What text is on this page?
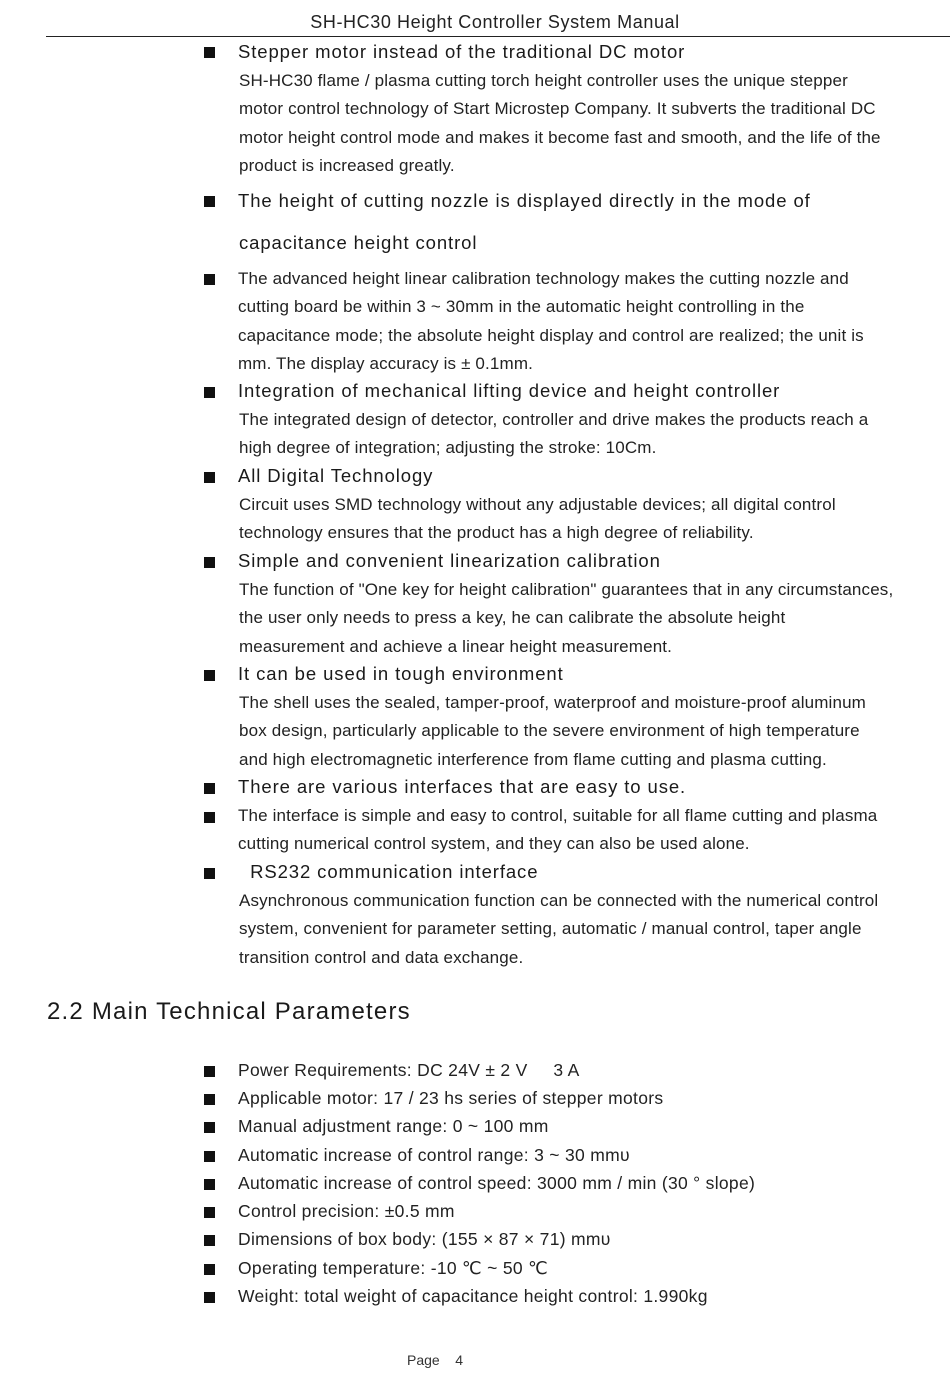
SH-HC30 Height Controller System Manual
Stepper motor instead of the traditional DC motor
SH-HC30 flame / plasma cutting torch height controller uses the unique stepper
motor control technology of Start Microstep Company. It subverts the traditional DC
motor height control mode and makes it become fast and smooth, and the life of the
product is increased greatly.
The height of cutting nozzle is displayed directly in the mode of
capacitance height control
The advanced height linear calibration technology makes the cutting nozzle and
cutting board be within 3 ~ 30mm in the automatic height controlling in the
capacitance mode; the absolute height display and control are realized; the unit is
mm. The display accuracy is ± 0.1mm.
Integration of mechanical lifting device and height controller
The integrated design of detector, controller and drive makes the products reach a
high degree of integration; adjusting the stroke: 10Cm.
All Digital Technology
Circuit uses SMD technology without any adjustable devices; all digital control
technology ensures that the product has a high degree of reliability.
Simple and convenient linearization calibration
The function of "One key for height calibration" guarantees that in any circumstances,
the user only needs to press a key, he can calibrate the absolute height
measurement and achieve a linear height measurement.
It can be used in tough environment
The shell uses the sealed, tamper-proof, waterproof and moisture-proof aluminum
box design, particularly applicable to the severe environment of high temperature
and high electromagnetic interference from flame cutting and plasma cutting.
There are various interfaces that are easy to use.
The interface is simple and easy to control, suitable for all flame cutting and plasma
cutting numerical control system, and they can also be used alone.
RS232 communication interface
Asynchronous communication function can be connected with the numerical control
system, convenient for parameter setting, automatic / manual control, taper angle
transition control and data exchange.
2.2 Main Technical Parameters
Power Requirements: DC 24V ± 2 V     3 A
Applicable motor: 17 / 23 hs series of stepper motors
Manual adjustment range: 0 ~ 100 mm
Automatic increase of control range: 3 ~ 30 mmυ
Automatic increase of control speed: 3000 mm / min (30 ° slope)
Control precision: ±0.5 mm
Dimensions of box body: (155 × 87 × 71) mmυ
Operating temperature: -10 ℃ ~ 50 ℃
Weight: total weight of capacitance height control: 1.990kg
Page 4
